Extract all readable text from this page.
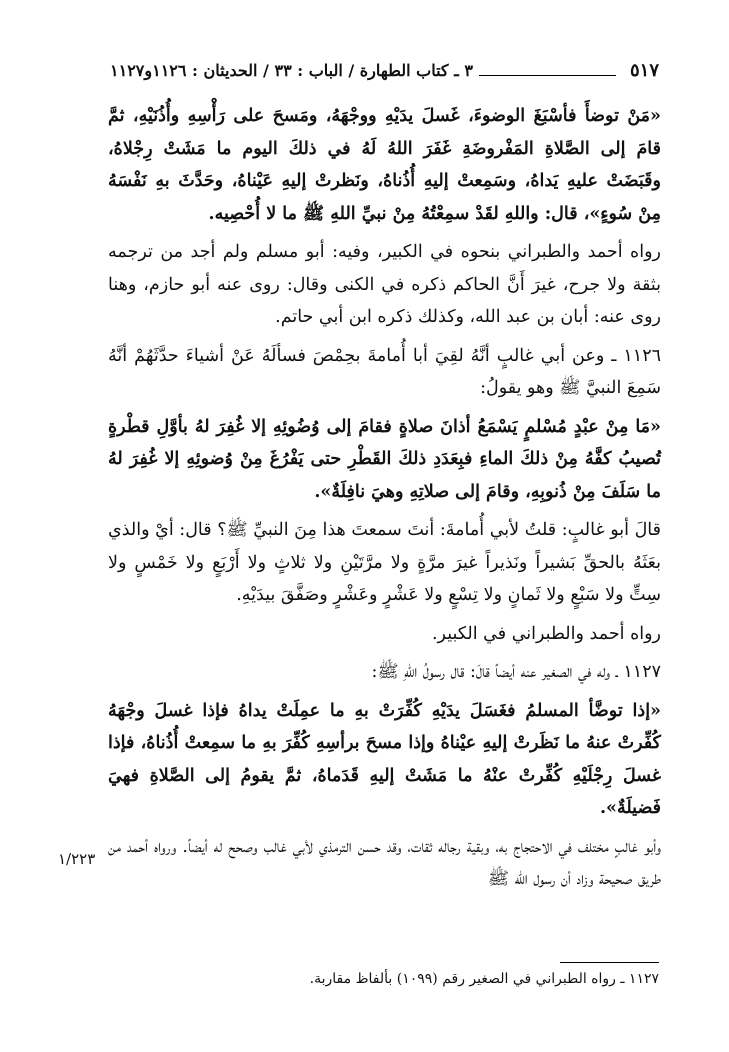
٥١٧
٣ ـ كتاب الطهارة / الباب : ٣٣ / الحديثان : ١١٢٦و١١٢٧

«مَنْ توضأَ فأسْبَغَ الوضوءَ، غَسلَ يدَيْهِ ووجْهَهُ، ومَسحَ على رَأْسِهِ وأُذُنَيْهِ، ثمَّ قامَ إلى الصَّلاةِ المَفْروضَةِ غَفَرَ اللهُ لَهُ في ذلكَ اليوم ما مَشَتْ رِجْلاهُ، وقَبَضَتْ عليهِ يَداهُ، وسَمِعتْ إليهِ أُذُناهُ، ونَظرتْ إليهِ عَيْناهُ، وحَدَّثَ بهِ نَفْسَهُ مِنْ سُوءٍ»، قال: واللهِ لقَدْ سمِعْتُهُ مِنْ نبيِّ اللهِ ﷺ ما لا أُحْصِيه.

رواه أحمد والطبراني بنحوه في الكبير، وفيه: أبو مسلم ولم أجد من ترجمه بثقة ولا جرح، غيرَ أَنَّ الحاكم ذكره في الكنى وقال: روى عنه أبو حازم، وهنا روى عنه: أبان بن عبد الله، وكذلك ذكره ابن أبي حاتم.

١١٢٦ ـ وعن أبي غالبٍ أنَّهُ لقِيَ أبا أُمامةَ بحِمْصَ فسألَهُ عَنْ أشياءَ حدَّثَهُمْ أنَّهُ سَمِعَ النبيَّ ﷺ وهو يقولُ:

«مَا مِنْ عبْدٍ مُسْلمٍ يَسْمَعُ أذانَ صلاةٍ فقامَ إلى وُضُوئِهِ إلا غُفِرَ لهُ بأوَّلِ قطْرةٍ تُصيبُ كفَّهُ مِنْ ذلكَ الماءِ فبِعَدَدِ ذلكَ القَطْرِ حتى يَفْرُغَ مِنْ وُضوئِهِ إلا غُفِرَ لهُ ما سَلَفَ مِنْ ذُنوبِهِ، وقامَ إلى صلاتِهِ وهيَ نافِلَةٌ».

قالَ أبو غالبٍ: قلتُ لأبي أُمامةَ: أنتَ سمعتَ هذا مِنَ النبيِّ ﷺ؟ قال: أيْ والذي بعَثَهُ بالحقِّ بَشيراً ونَذيراً غيرَ مرَّةٍ ولا مرَّتَيْنِ ولا ثلاثٍ ولا أَرْبَعٍ ولا خَمْسٍ ولا سِتٍّ ولا سَبْعٍ ولا ثَمانٍ ولا تِسْعٍ ولا عَشْرٍ وعَشْرٍ وصَفَّقَ بيدَيْهِ.

رواه أحمد والطبراني في الكبير.

١١٢٧ ـ وله في الصغير عنه أيضاً قالَ: قال رسولُ اللهِ ﷺ:

«إذا توضَّأ المسلمُ فغَسَلَ يدَيْهِ كُفِّرَتْ بهِ ما عمِلَتْ يداهُ فإذا غسلَ وجْهَهُ كُفِّرتْ عنهُ ما نَظَرتْ إليهِ عيْناهُ وإذا مسحَ برأسِهِ كُفِّرَ بهِ ما سمِعتْ أُذُناهُ، فإذا غسلَ رِجْلَيْهِ كُفِّرتْ عنْهُ ما مَشَتْ إليهِ قَدَماهُ، ثمَّ يقومُ إلى الصَّلاةِ فهيَ فَضيلَةٌ».

وأبو غالبٍ مختلف في الاحتجاج به، وبقية رجاله ثقات، وقد حسن الترمذي لأبي غالب وصحح له أيضاً. ورواه أحمد من طريق صحيحة وزاد أن رسول الله ﷺ

١/٢٢٣
١١٢٧ ـ رواه الطبراني في الصغير رقم (١٠٩٩) بألفاظ مقاربة.
